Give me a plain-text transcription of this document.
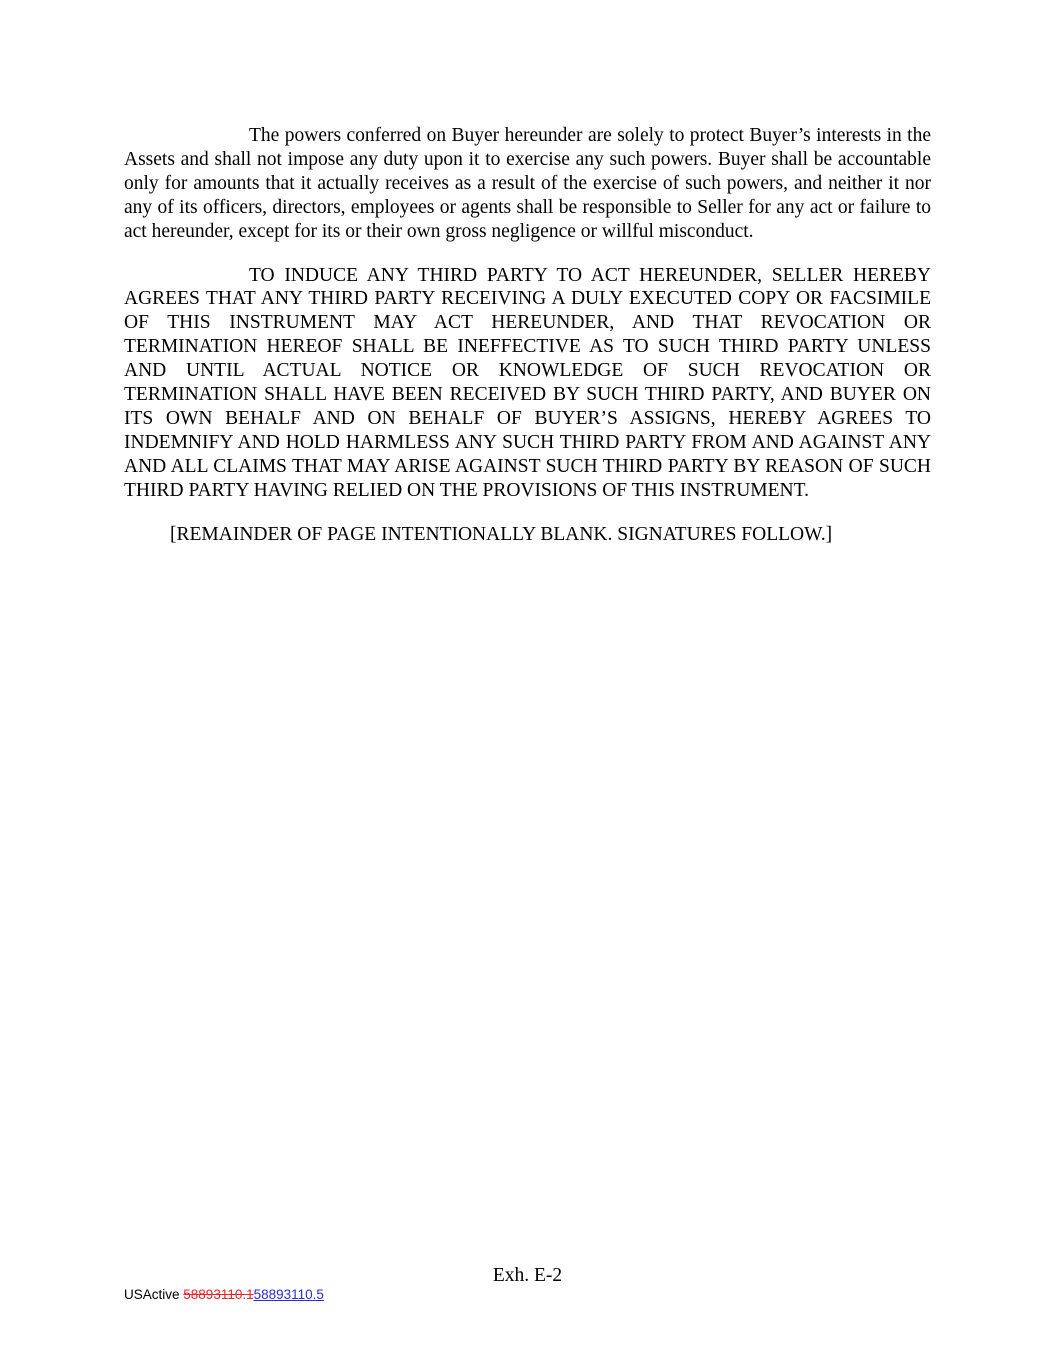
The powers conferred on Buyer hereunder are solely to protect Buyer’s interests in the Assets and shall not impose any duty upon it to exercise any such powers. Buyer shall be accountable only for amounts that it actually receives as a result of the exercise of such powers, and neither it nor any of its officers, directors, employees or agents shall be responsible to Seller for any act or failure to act hereunder, except for its or their own gross negligence or willful misconduct.

TO INDUCE ANY THIRD PARTY TO ACT HEREUNDER, SELLER HEREBY AGREES THAT ANY THIRD PARTY RECEIVING A DULY EXECUTED COPY OR FACSIMILE OF THIS INSTRUMENT MAY ACT HEREUNDER, AND THAT REVOCATION OR TERMINATION HEREOF SHALL BE INEFFECTIVE AS TO SUCH THIRD PARTY UNLESS AND UNTIL ACTUAL NOTICE OR KNOWLEDGE OF SUCH REVOCATION OR TERMINATION SHALL HAVE BEEN RECEIVED BY SUCH THIRD PARTY, AND BUYER ON ITS OWN BEHALF AND ON BEHALF OF BUYER’S ASSIGNS, HEREBY AGREES TO INDEMNIFY AND HOLD HARMLESS ANY SUCH THIRD PARTY FROM AND AGAINST ANY AND ALL CLAIMS THAT MAY ARISE AGAINST SUCH THIRD PARTY BY REASON OF SUCH THIRD PARTY HAVING RELIED ON THE PROVISIONS OF THIS INSTRUMENT.

[REMAINDER OF PAGE INTENTIONALLY BLANK. SIGNATURES FOLLOW.]

Exh. E-2
USActive 58893110.158893110.5
